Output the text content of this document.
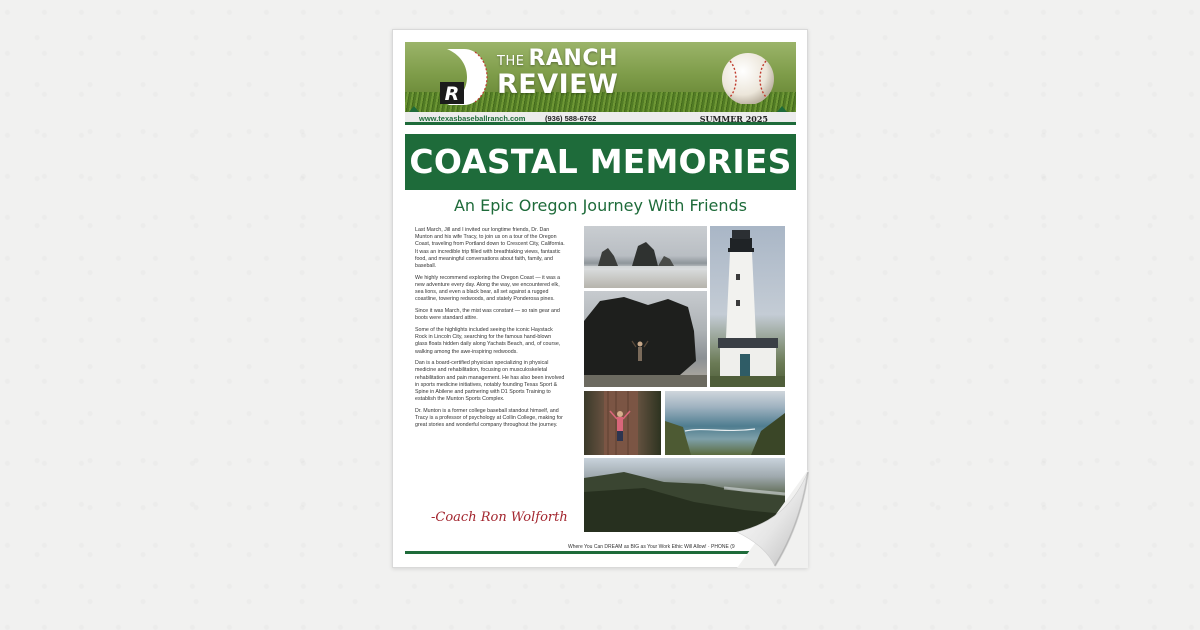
R
THE RANCH
REVIEW
www.texasbaseballranch.com	(936) 588-6762	SUMMER 2025
COASTAL MEMORIES
An Epic Oregon Journey With Friends

Last March, Jill and I invited our longtime friends, Dr. Dan Munton and his wife Tracy, to join us on a tour of the Oregon Coast, traveling from Portland down to Crescent City, California. It was an incredible trip filled with breathtaking views, fantastic food, and meaningful conversations about faith, family, and baseball.

We highly recommend exploring the Oregon Coast — it was a new adventure every day. Along the way, we encountered elk, sea lions, and even a black bear, all set against a rugged coastline, towering redwoods, and stately Ponderosa pines.

Since it was March, the mist was constant — so rain gear and boots were standard attire.

Some of the highlights included seeing the iconic Haystack Rock in Lincoln City, searching for the famous hand-blown glass floats hidden daily along Yachats Beach, and, of course, walking among the awe-inspiring redwoods.

Dan is a board-certified physician specializing in physical medicine and rehabilitation, focusing on musculoskeletal rehabilitation and pain management. He has also been involved in sports medicine initiatives, notably founding Texas Sport & Spine in Abilene and partnering with D1 Sports Training to establish the Munton Sports Complex.

Dr. Munton is a former college baseball standout himself, and Tracy is a professor of psychology at Collin College, making for great stories and wonderful company throughout the journey.

-Coach Ron Wolforth
Where You Can DREAM as BIG as Your Work Ethic Will Allow! · PHONE (9
